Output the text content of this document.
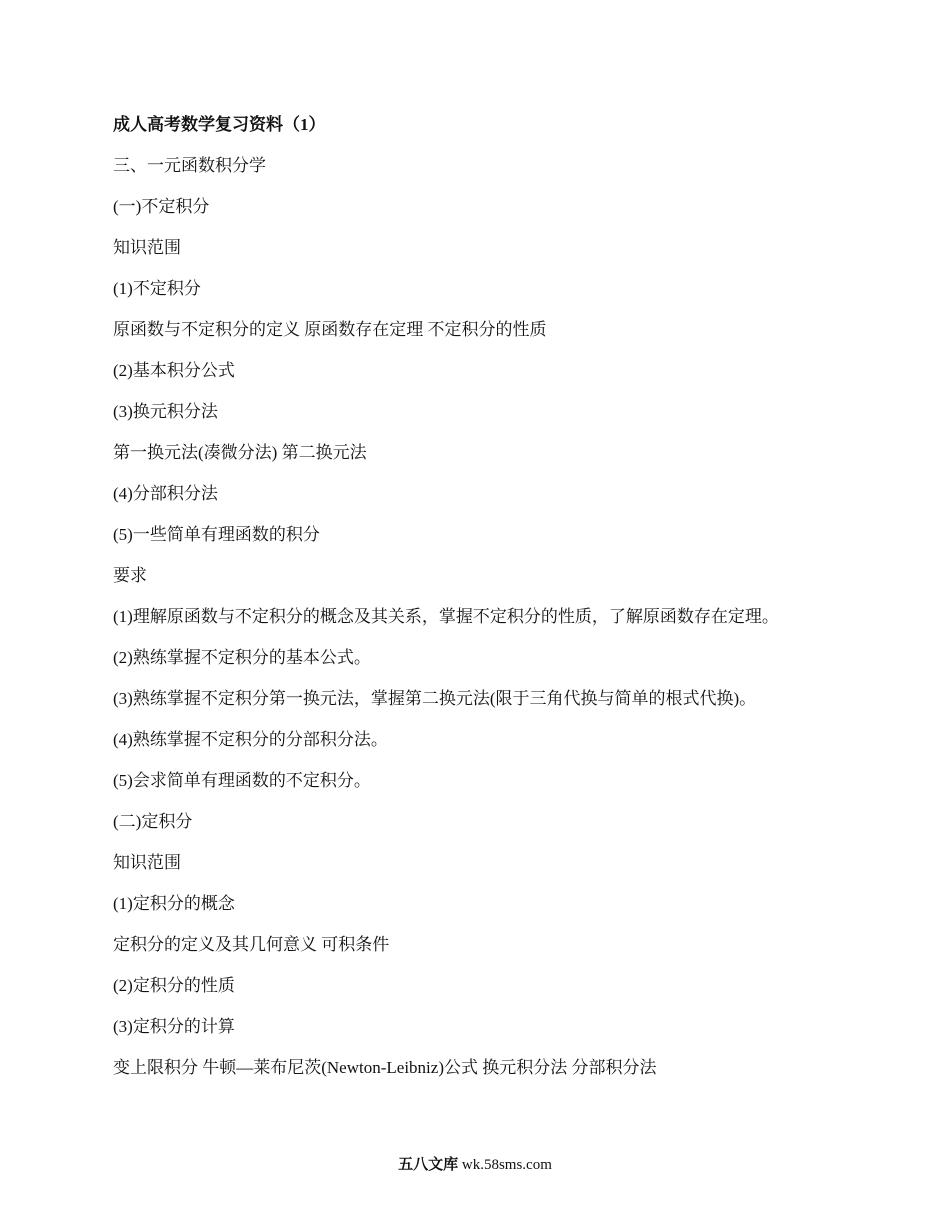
成人高考数学复习资料（1）
三、一元函数积分学
(一)不定积分
知识范围
(1)不定积分
原函数与不定积分的定义 原函数存在定理 不定积分的性质
(2)基本积分公式
(3)换元积分法
第一换元法(凑微分法) 第二换元法
(4)分部积分法
(5)一些简单有理函数的积分
要求
(1)理解原函数与不定积分的概念及其关系，掌握不定积分的性质，了解原函数存在定理。
(2)熟练掌握不定积分的基本公式。
(3)熟练掌握不定积分第一换元法，掌握第二换元法(限于三角代换与简单的根式代换)。
(4)熟练掌握不定积分的分部积分法。
(5)会求简单有理函数的不定积分。
(二)定积分
知识范围
(1)定积分的概念
定积分的定义及其几何意义 可积条件
(2)定积分的性质
(3)定积分的计算
变上限积分 牛顿—莱布尼茨(Newton-Leibniz)公式 换元积分法 分部积分法
五八文库 wk.58sms.com
